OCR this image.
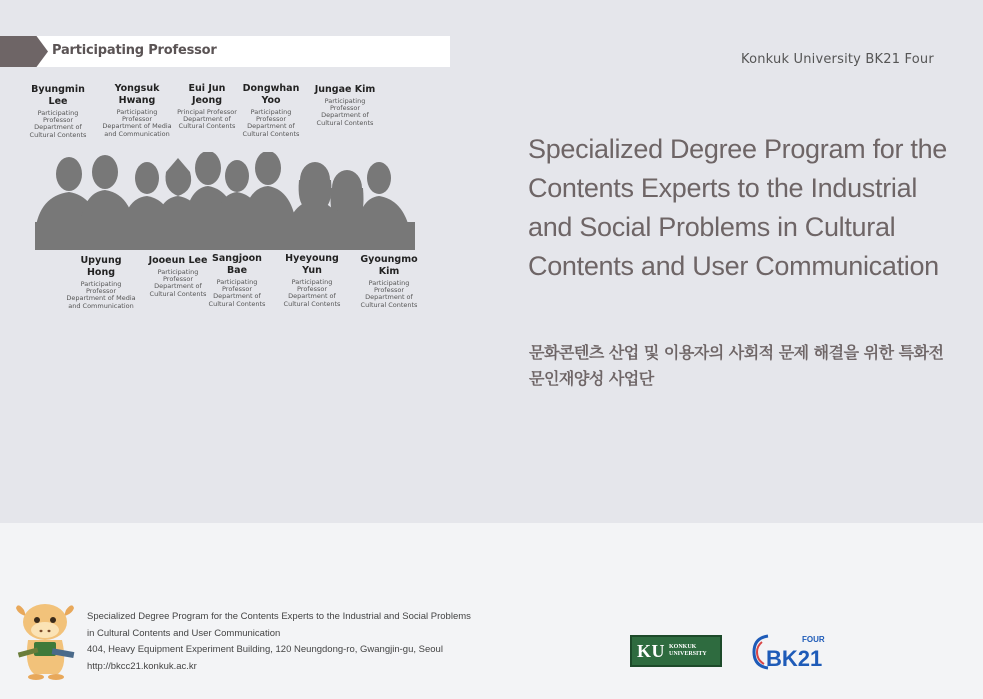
Participating Professor
Byungmin Lee
Participating Professor Department of Cultural Contents
Yongsuk Hwang
Participating Professor Department of Media and Communication
Eui Jun Jeong
Principal Professor Department of Cultural Contents
Dongwhan Yoo
Participating Professor Department of Cultural Contents
Jungae Kim
Participating Professor Department of Cultural Contents
Upyung Hong
Participating Professor Department of Media and Communication
Jooeun Lee
Participating Professor Department of Cultural Contents
Sangjoon Bae
Participating Professor Department of Cultural Contents
Hyeyoung Yun
Participating Professor Department of Cultural Contents
Gyoungmo Kim
Participating Professor Department of Cultural Contents
Konkuk University BK21 Four
Specialized Degree Program for the Contents Experts to the Industrial and Social Problems in Cultural Contents and User Communication
문화콘텐츠 산업 및 이용자의 사회적 문제 해결을 위한 특화전문인재양성 사업단
Specialized Degree Program for the Contents Experts to the Industrial and Social Problems
in Cultural Contents and User Communication
404, Heavy Equipment Experiment Building, 120 Neungdong-ro, Gwangjin-gu, Seoul
http://bkcc21.konkuk.ac.kr
KU KONKUK
UNIVERSITY
FOUR
BK21
